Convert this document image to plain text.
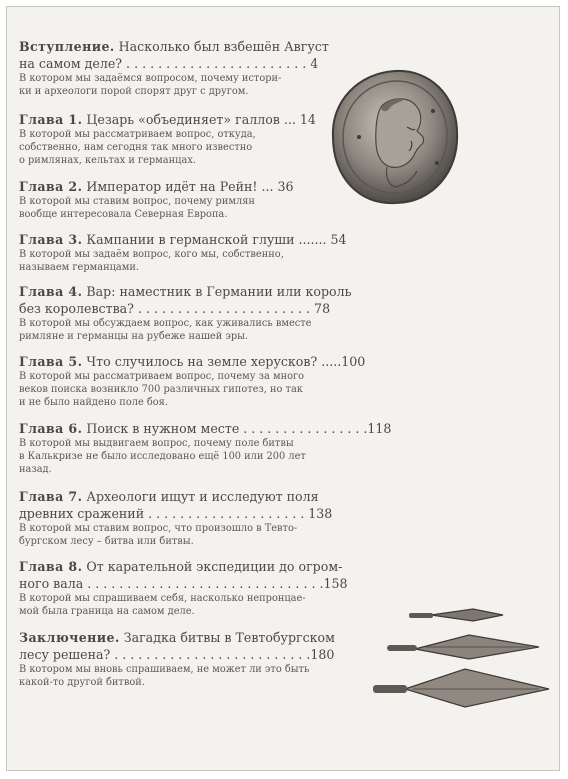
Вступление. Насколько был взбешён Август
на самом деле? . . . . . . . . . . . . . . . . . . . . . . . 4
В котором мы задаёмся вопросом, почему истори-
ки и археологи порой спорят друг с другом.
Глава 1. Цезарь «объединяет» галлов ... 14
В которой мы рассматриваем вопрос, откуда,
собственно, нам сегодня так много известно
о римлянах, кельтах и германцах.
Глава 2. Император идёт на Рейн! ... 36
В которой мы ставим вопрос, почему римлян
вообще интересовала Северная Европа.
Глава 3. Кампании в германской глуши ....... 54
В которой мы задаём вопрос, кого мы, собственно,
называем германцами.
Глава 4. Вар: наместник в Германии или король
без королевства? . . . . . . . . . . . . . . . . . . . . . . 78
В которой мы обсуждаем вопрос, как уживались вместе
римляне и германцы на рубеже нашей эры.
Глава 5. Что случилось на земле херусков? .....100
В которой мы рассматриваем вопрос, почему за много
веков поиска возникло 700 различных гипотез, но так
и не было найдено поле боя.
Глава 6. Поиск в нужном месте . . . . . . . . . . . . . . . .118
В которой мы выдвигаем вопрос, почему поле битвы
в Калькризе не было исследовано ещё 100 или 200 лет
назад.
Глава 7. Археологи ищут и исследуют поля
древних сражений . . . . . . . . . . . . . . . . . . . . 138
В которой мы ставим вопрос, что произошло в Тевто-
бургском лесу – битва или битвы.
Глава 8. От карательной экспедиции до огром-
ного вала . . . . . . . . . . . . . . . . . . . . . . . . . . . . . .158
В которой мы спрашиваем себя, насколько непронцае-
мой была граница на самом деле.
Заключение. Загадка битвы в Тевтобургском
лесу решена? . . . . . . . . . . . . . . . . . . . . . . . . .180
В котором мы вновь спрашиваем, не может ли это быть
какой-то другой битвой.
